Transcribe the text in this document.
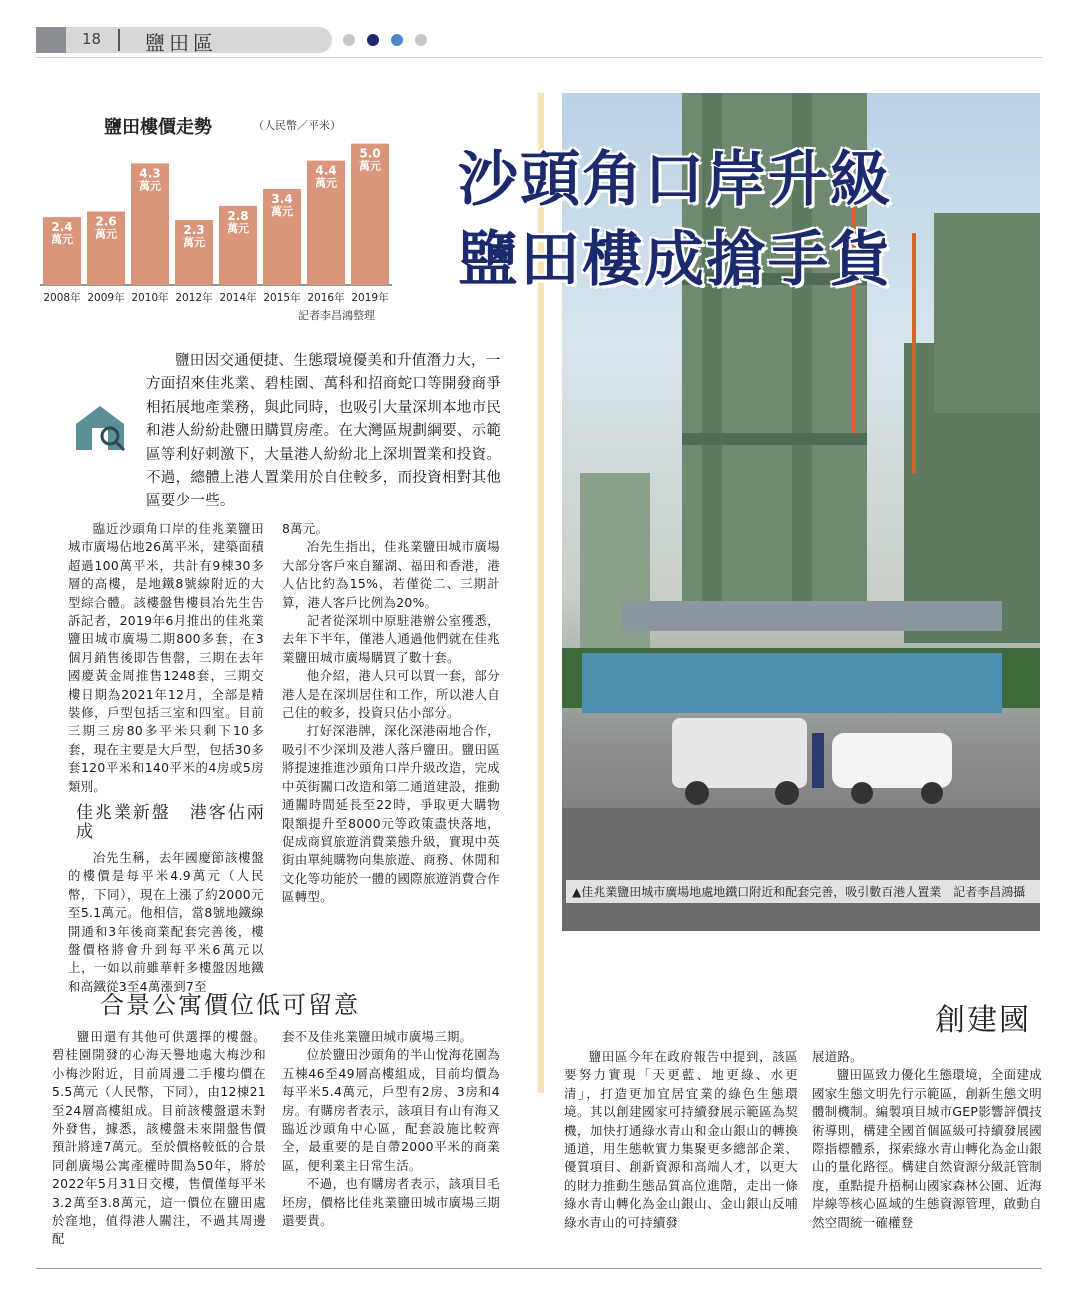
18 鹽田區
鹽田樓價走勢	（人民幣／平米）
2.4
萬元
2008年
2.6
萬元
2009年
4.3
萬元
2010年
2.3
萬元
2012年
2.8
萬元
2014年
3.4
萬元
2015年
4.4
萬元
2016年
5.0
萬元
2019年
記者李昌鴻整理
▲佳兆業鹽田城市廣場地處地鐵口附近和配套完善，吸引數百港人置業　記者李昌鴻攝
沙頭角口岸升級
鹽田樓成搶手貨
鹽田因交通便捷、生態環境優美和升值潛力大，一方面招來佳兆業、碧桂園、萬科和招商蛇口等開發商爭相拓展地產業務，與此同時，也吸引大量深圳本地市民和港人紛紛赴鹽田購買房產。在大灣區規劃綱要、示範區等利好刺激下，大量港人紛紛北上深圳置業和投資。不過，總體上港人置業用於自住較多，而投資相對其他區要少一些。

臨近沙頭角口岸的佳兆業鹽田城市廣場佔地26萬平米，建築面積超過100萬平米，共計有9棟30多層的高樓，是地鐵8號線附近的大型綜合體。該樓盤售樓員冶先生告訴記者，2019年6月推出的佳兆業鹽田城市廣場二期800多套，在3個月銷售後即告售罄，三期在去年國慶黃金周推售1248套，三期交樓日期為2021年12月，全部是精裝修，戶型包括三室和四室。目前三期三房80多平米只剩下10多套，現在主要是大戶型，包括30多套120平米和140平米的4房或5房類別。

佳兆業新盤　港客佔兩成

冶先生稱，去年國慶節該樓盤的樓價是每平米4.9萬元（人民幣，下同），現在上漲了約2000元至5.1萬元。他相信，當8號地鐵線開通和3年後商業配套完善後，樓盤價格將會升到每平米6萬元以上，一如以前雖華軒多樓盤因地鐵和高鐵從3至4萬漲到7至

8萬元。

冶先生指出，佳兆業鹽田城市廣場大部分客戶來自羅湖、福田和香港，港人佔比約為15%，若僅從二、三期計算，港人客戶比例為20%。

記者從深圳中原駐港辦公室獲悉，去年下半年，僅港人通過他們就在佳兆業鹽田城市廣場購買了數十套。

他介紹，港人只可以買一套，部分港人是在深圳居住和工作，所以港人自己住的較多，投資只佔小部分。

打好深港牌，深化深港兩地合作，吸引不少深圳及港人落戶鹽田。鹽田區將提速推進沙頭角口岸升級改造，完成中英街關口改造和第二通道建設，推動通關時間延長至22時，爭取更大購物限額提升至8000元等政策盡快落地，促成商貿旅遊消費業態升級，實現中英街由單純購物向集旅遊、商務、休閒和文化等功能於一體的國際旅遊消費合作區轉型。

合景公寓價位低可留意

鹽田還有其他可供選擇的樓盤。碧桂園開發的心海天譽地處大梅沙和小梅沙附近，目前周邊二手樓均價在5.5萬元（人民幣，下同），由12棟21至24層高樓組成。目前該樓盤還未對外發售，據悉，該樓盤未來開盤售價預計將達7萬元。至於價格較低的合景同創廣場公寓產權時間為50年，將於2022年5月31日交樓，售價僅每平米3.2萬至3.8萬元，這一價位在鹽田處於窪地，值得港人關注，不過其周邊配

套不及佳兆業鹽田城市廣場三期。

位於鹽田沙頭角的半山悅海花園為五棟46至49層高樓組成，目前均價為每平米5.4萬元，戶型有2房、3房和4房。有購房者表示，該項目有山有海又臨近沙頭角中心區，配套設施比較齊全，最重要的是自帶2000平米的商業區，便利業主日常生活。

不過，也有購房者表示，該項目毛坯房，價格比佳兆業鹽田城市廣場三期還要貴。

創建國

鹽田區今年在政府報告中提到，該區要努力實現「天更藍、地更綠、水更清」，打造更加宜居宜業的綠色生態環境。其以創建國家可持續發展示範區為契機，加快打通綠水青山和金山銀山的轉換通道，用生態軟實力集聚更多總部企業、優質項目、創新資源和高端人才，以更大的財力推動生態品質高位進階，走出一條綠水青山轉化為金山銀山、金山銀山反哺綠水青山的可持續發

展道路。

鹽田區致力優化生態環境，全面建成國家生態文明先行示範區，創新生態文明體制機制。編製項目城市GEP影響評價技術導則，構建全國首個區級可持續發展國際指標體系，探索綠水青山轉化為金山銀山的量化路徑。構建自然資源分級託管制度，重點提升梧桐山國家森林公園、近海岸線等核心區域的生態資源管理，啟動自然空間統一確權登
